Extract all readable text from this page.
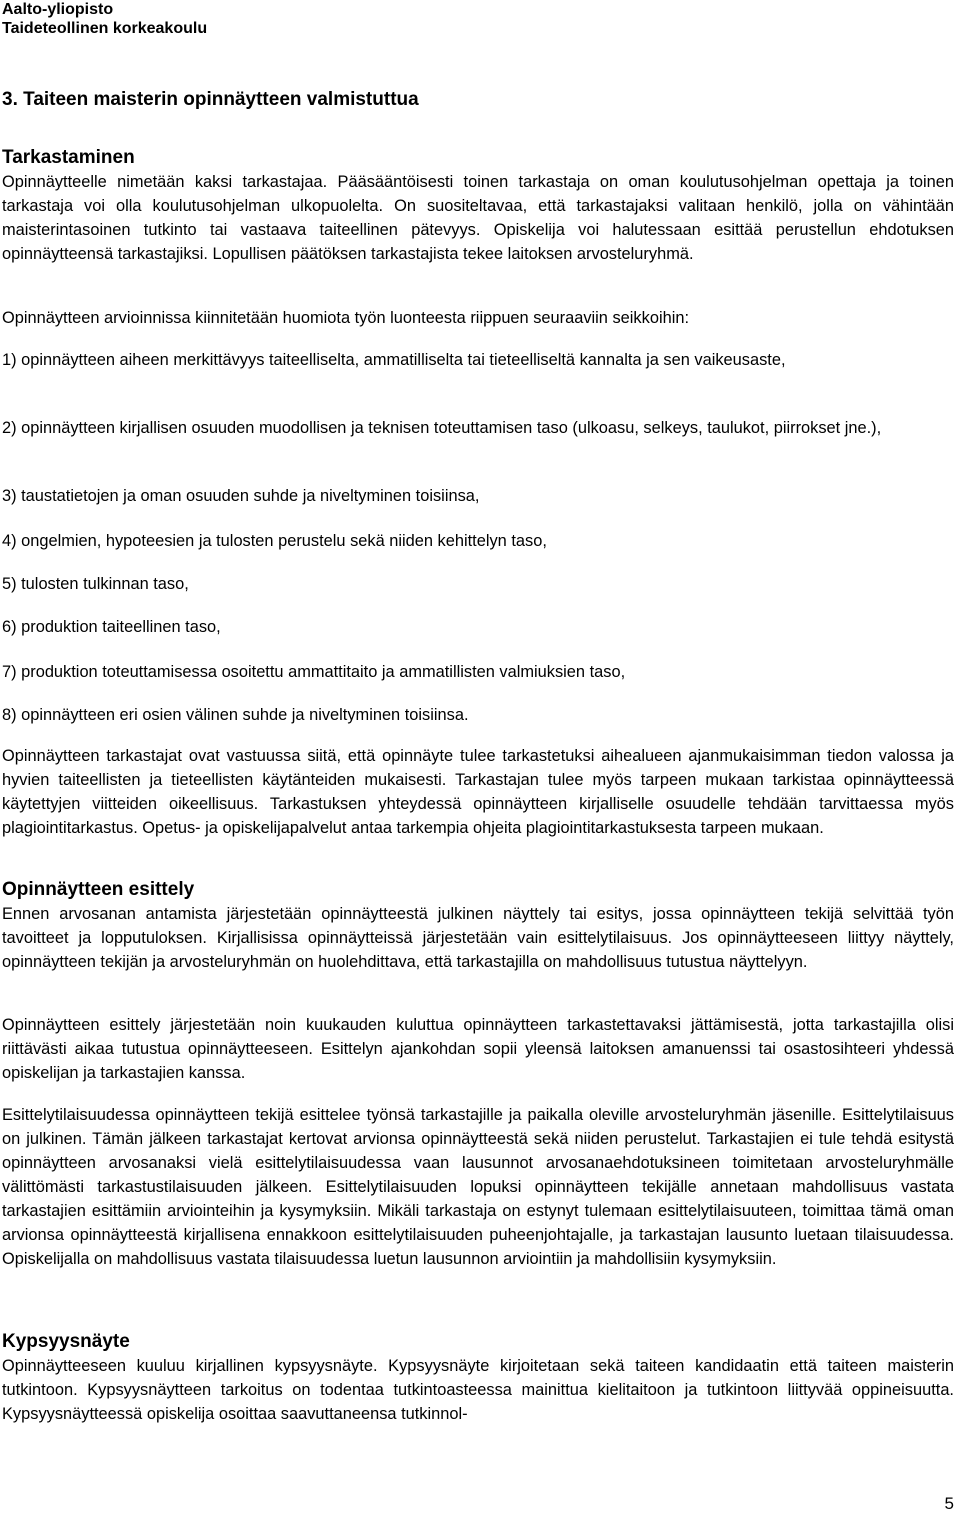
Aalto-yliopisto
Taideteollinen korkeakoulu
3. Taiteen maisterin opinnäytteen valmistuttua
Tarkastaminen

Opinnäytteelle nimetään kaksi tarkastajaa. Pääsääntöisesti toinen tarkastaja on oman koulutusohjelman opettaja ja toinen tarkastaja voi olla koulutusohjelman ulkopuolelta. On suositeltavaa, että tarkastajaksi valitaan henkilö, jolla on vähintään maisterintasoinen tutkinto tai vastaava taiteellinen pätevyys. Opiskelija voi halutessaan esittää perustellun ehdotuksen opinnäytteensä tarkastajiksi. Lopullisen päätöksen tarkastajista tekee laitoksen arvosteluryhmä.

Opinnäytteen arvioinnissa kiinnitetään huomiota työn luonteesta riippuen seuraaviin seikkoihin:

1) opinnäytteen aiheen merkittävyys taiteelliselta, ammatilliselta tai tieteelliseltä kannalta ja sen vaikeusaste,

2) opinnäytteen kirjallisen osuuden muodollisen ja teknisen toteuttamisen taso (ulkoasu, selkeys, taulukot, piirrokset jne.),

3) taustatietojen ja oman osuuden suhde ja niveltyminen toisiinsa,

4) ongelmien, hypoteesien ja tulosten perustelu sekä niiden kehittelyn taso,

5) tulosten tulkinnan taso,

6) produktion taiteellinen taso,

7) produktion toteuttamisessa osoitettu ammattitaito ja ammatillisten valmiuksien taso,

8) opinnäytteen eri osien välinen suhde ja niveltyminen toisiinsa.

Opinnäytteen tarkastajat ovat vastuussa siitä, että opinnäyte tulee tarkastetuksi aihealueen ajanmukaisimman tiedon valossa ja hyvien taiteellisten ja tieteellisten käytänteiden mukaisesti. Tarkastajan tulee myös tarpeen mukaan tarkistaa opinnäytteessä käytettyjen viitteiden oikeellisuus. Tarkastuksen yhteydessä opinnäytteen kirjalliselle osuudelle tehdään tarvittaessa myös plagiointitarkastus. Opetus- ja opiskelijapalvelut antaa tarkempia ohjeita plagiointitarkastuksesta tarpeen mukaan.

Opinnäytteen esittely

Ennen arvosanan antamista järjestetään opinnäytteestä julkinen näyttely tai esitys, jossa opinnäytteen tekijä selvittää työn tavoitteet ja lopputuloksen. Kirjallisissa opinnäytteissä järjestetään vain esittelytilaisuus. Jos opinnäytteeseen liittyy näyttely, opinnäytteen tekijän ja arvosteluryhmän on huolehdittava, että tarkastajilla on mahdollisuus tutustua näyttelyyn.

Opinnäytteen esittely järjestetään noin kuukauden kuluttua opinnäytteen tarkastettavaksi jättämisestä, jotta tarkastajilla olisi riittävästi aikaa tutustua opinnäytteeseen. Esittelyn ajankohdan sopii yleensä laitoksen amanuenssi tai osastosihteeri yhdessä opiskelijan ja tarkastajien kanssa.

Esittelytilaisuudessa opinnäytteen tekijä esittelee työnsä tarkastajille ja paikalla oleville arvosteluryhmän jäsenille. Esittelytilaisuus on julkinen. Tämän jälkeen tarkastajat kertovat arvionsa opinnäytteestä sekä niiden perustelut. Tarkastajien ei tule tehdä esitystä opinnäytteen arvosanaksi vielä esittelytilaisuudessa vaan lausunnot arvosanaehdotuksineen toimitetaan arvosteluryhmälle välittömästi tarkastustilaisuuden jälkeen. Esittelytilaisuuden lopuksi opinnäytteen tekijälle annetaan mahdollisuus vastata tarkastajien esittämiin arviointeihin ja kysymyksiin. Mikäli tarkastaja on estynyt tulemaan esittelytilaisuuteen, toimittaa tämä oman arvionsa opinnäytteestä kirjallisena ennakkoon esittelytilaisuuden puheenjohtajalle, ja tarkastajan lausunto luetaan tilaisuudessa. Opiskelijalla on mahdollisuus vastata tilaisuudessa luetun lausunnon arviointiin ja mahdollisiin kysymyksiin.

Kypsyysnäyte

Opinnäytteeseen kuuluu kirjallinen kypsyysnäyte. Kypsyysnäyte kirjoitetaan sekä taiteen kandidaatin että taiteen maisterin tutkintoon. Kypsyysnäytteen tarkoitus on todentaa tutkintoasteessa mainittua kielitaitoon ja tutkintoon liittyvää oppineisuutta. Kypsyysnäytteessä opiskelija osoittaa saavuttaneensa tutkinnol-

5
